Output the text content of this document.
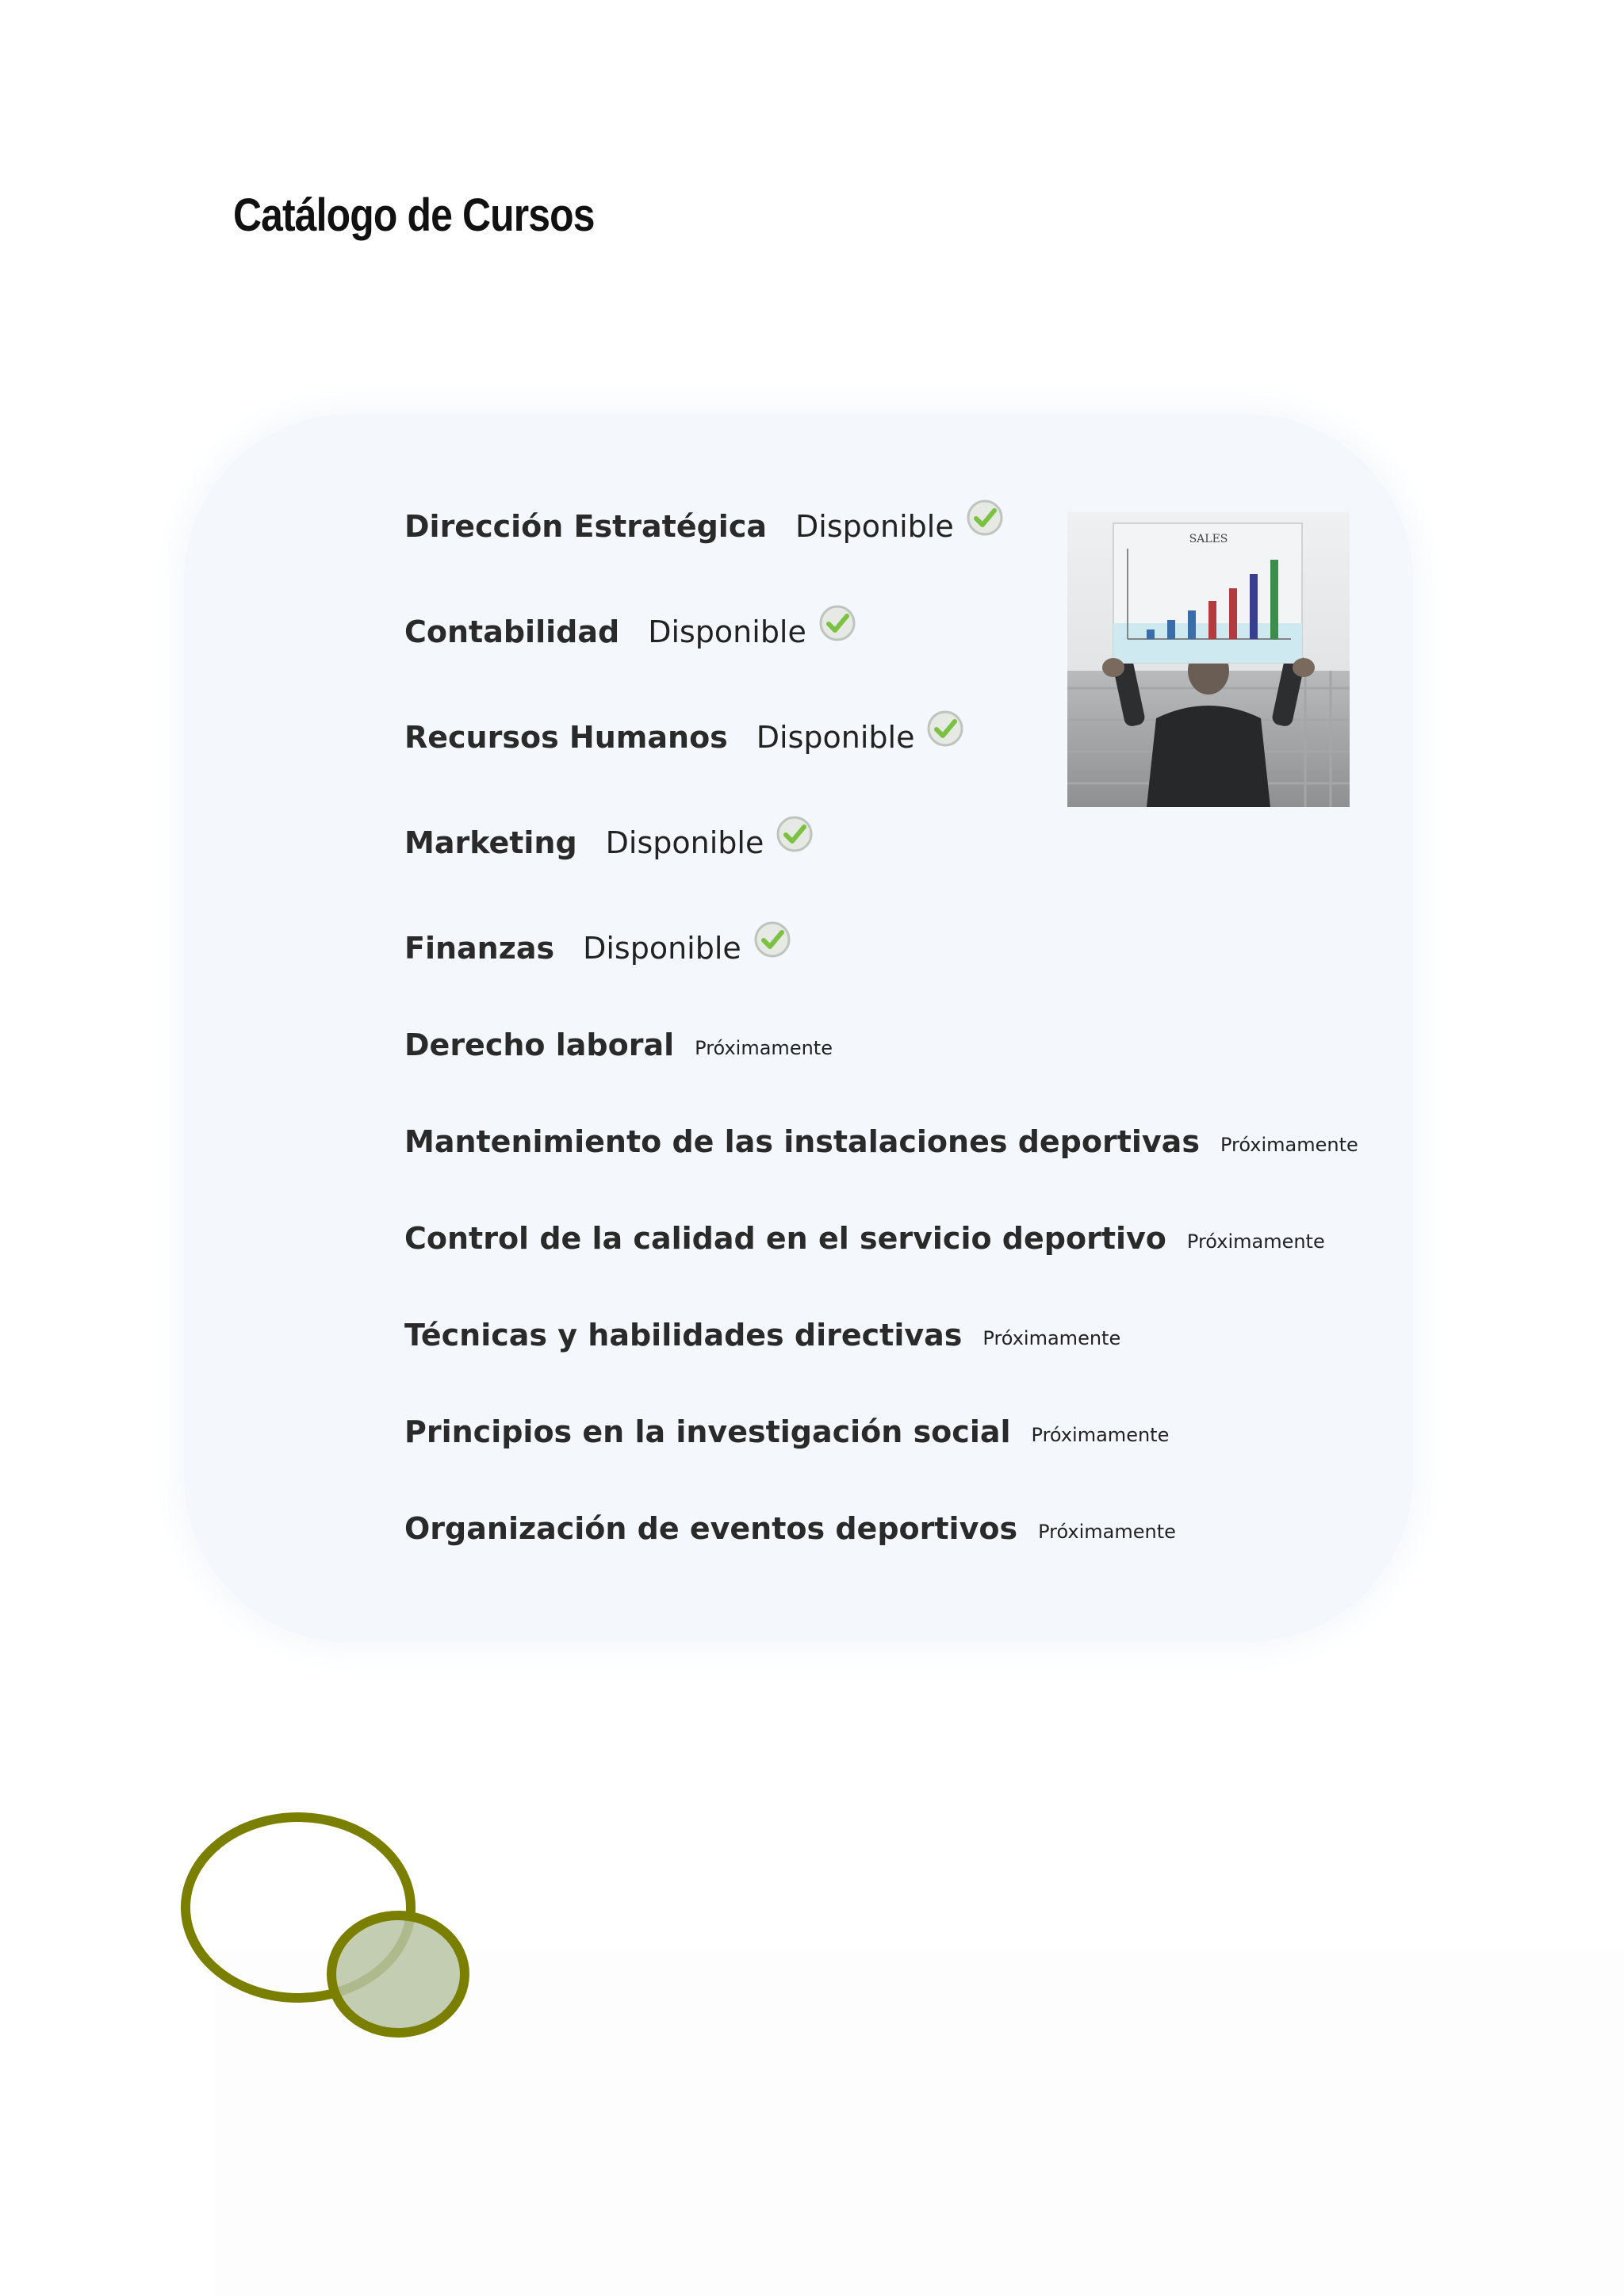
Catálogo de Cursos
Dirección Estratégica Disponible
Contabilidad Disponible
Recursos Humanos Disponible
Marketing Disponible
Finanzas Disponible
Derecho laboral Próximamente
Mantenimiento de las instalaciones deportivas Próximamente
Control de la calidad en el servicio deportivo Próximamente
Técnicas y habilidades directivas Próximamente
Principios en la investigación social Próximamente
Organización de eventos deportivos Próximamente
SALES
